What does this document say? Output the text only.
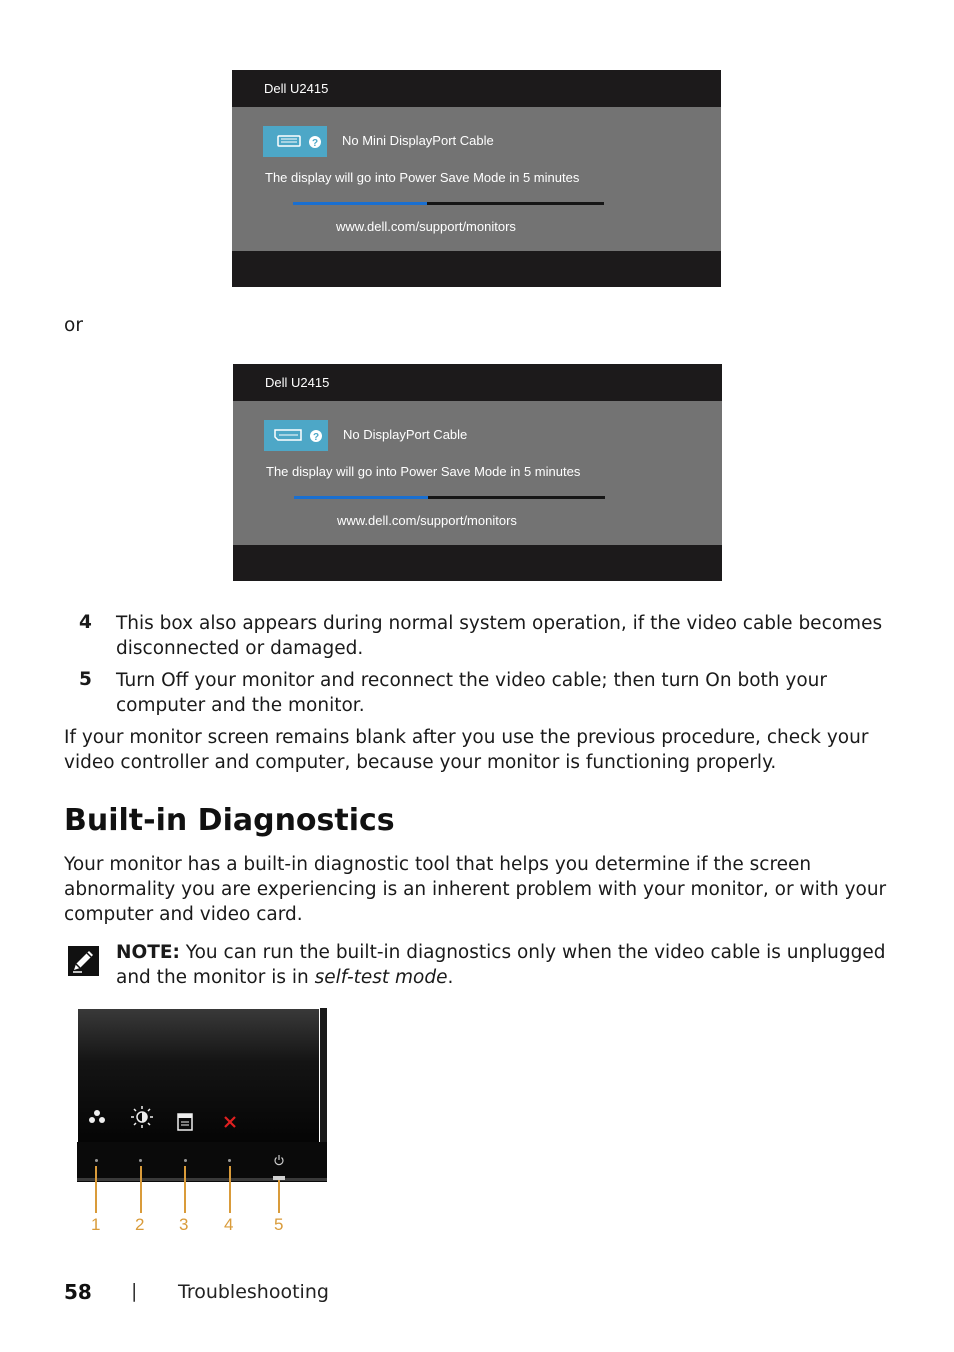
Dell U2415
? No Mini DisplayPort Cable
The display will go into Power Save Mode in 5 minutes
www.dell.com/support/monitors
or
Dell U2415
? No DisplayPort Cable
The display will go into Power Save Mode in 5 minutes
www.dell.com/support/monitors
4 This box also appears during normal system operation, if the video cable becomes disconnected or damaged.
5 Turn Off your monitor and reconnect the video cable; then turn On both your computer and the monitor.
If your monitor screen remains blank after you use the previous procedure, check your video controller and computer, because your monitor is functioning properly.
Built-in Diagnostics
Your monitor has a built-in diagnostic tool that helps you determine if the screen abnormality you are experiencing is an inherent problem with your monitor, or with your computer and video card.
NOTE: You can run the built-in diagnostics only when the video cable is unplugged and the monitor is in self-test mode.
1 2 3 4 5
58 | Troubleshooting
